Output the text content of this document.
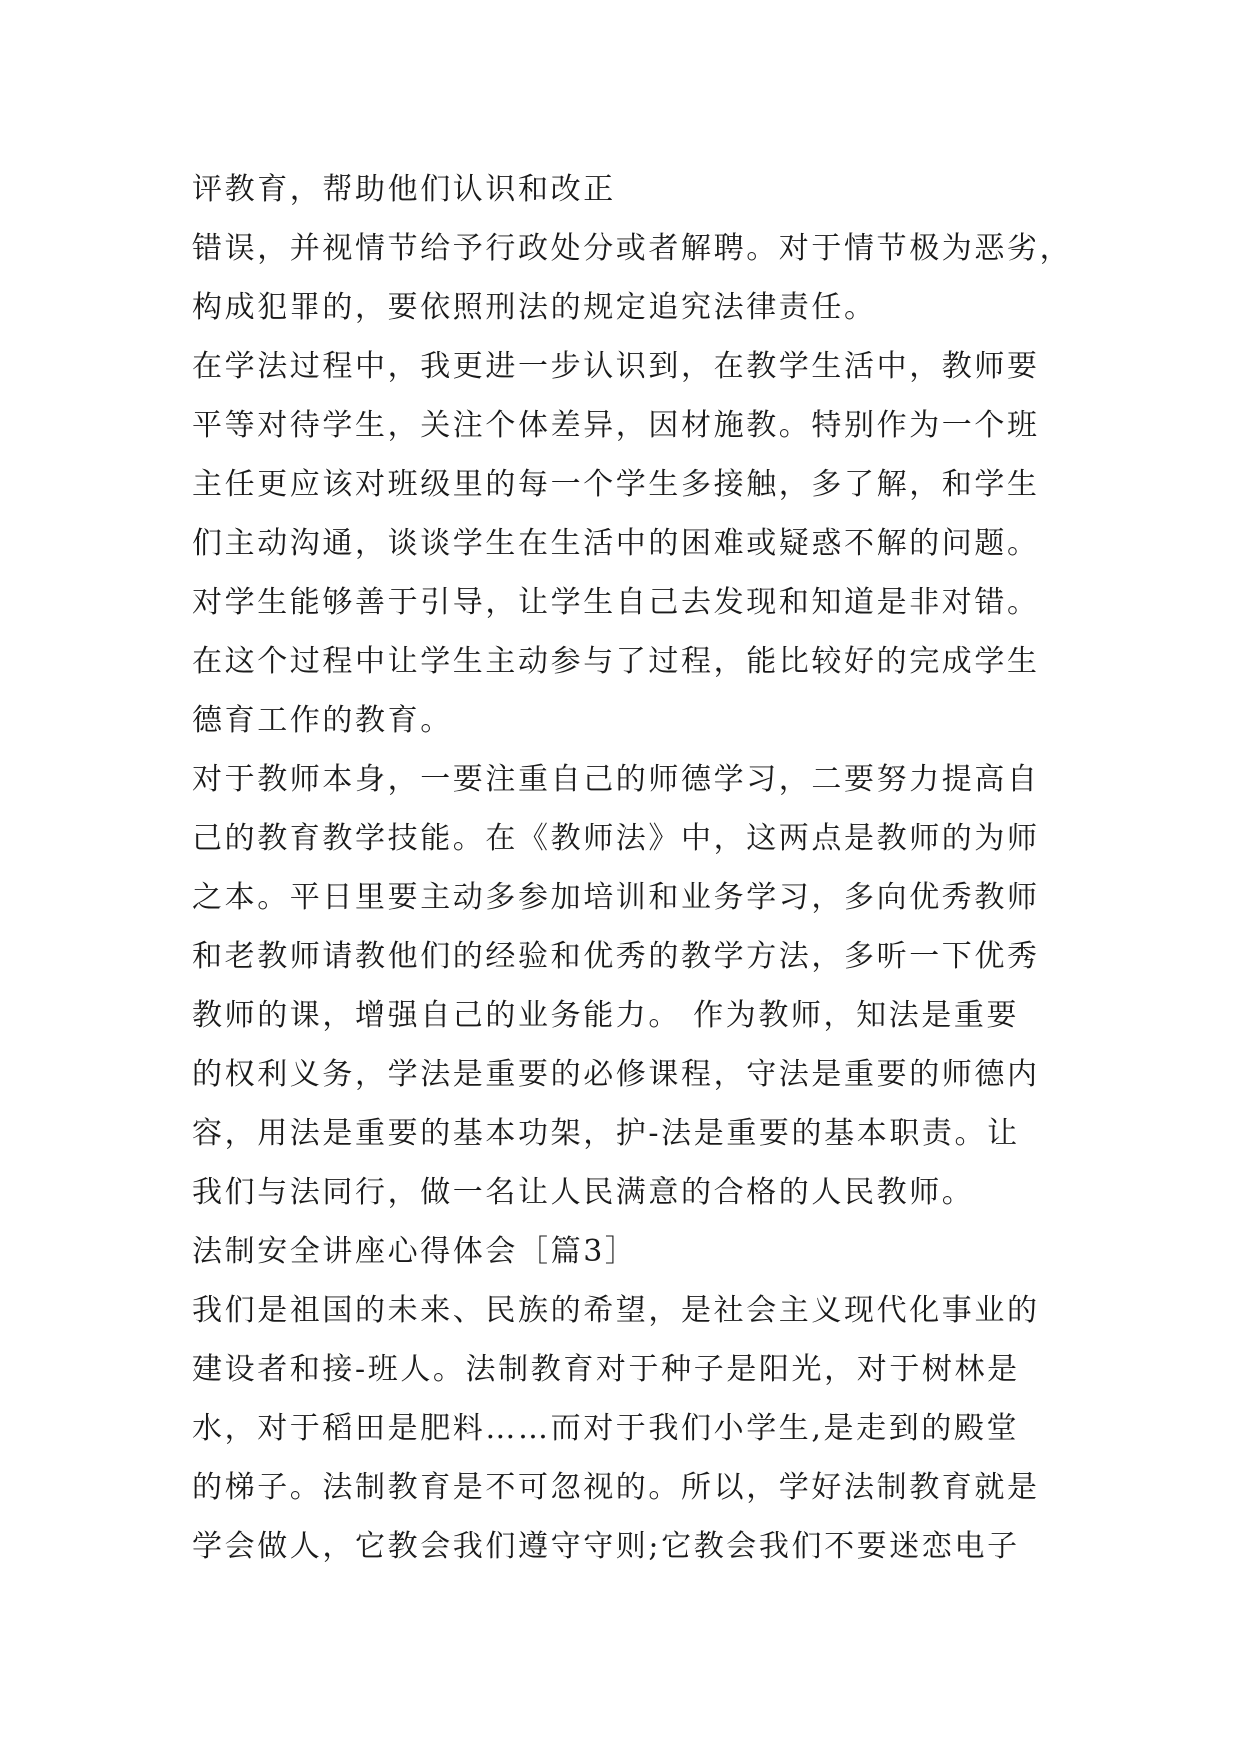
评教育，帮助他们认识和改正
错误，并视情节给予行政处分或者解聘。对于情节极为恶劣，
构成犯罪的，要依照刑法的规定追究法律责任。
在学法过程中，我更进一步认识到，在教学生活中，教师要
平等对待学生，关注个体差异，因材施教。特别作为一个班
主任更应该对班级里的每一个学生多接触，多了解，和学生
们主动沟通，谈谈学生在生活中的困难或疑惑不解的问题。
对学生能够善于引导，让学生自己去发现和知道是非对错。
在这个过程中让学生主动参与了过程，能比较好的完成学生
德育工作的教育。
对于教师本身，一要注重自己的师德学习，二要努力提高自
己的教育教学技能。在《教师法》中，这两点是教师的为师
之本。平日里要主动多参加培训和业务学习，多向优秀教师
和老教师请教他们的经验和优秀的教学方法，多听一下优秀
教师的课，增强自己的业务能力。 作为教师，知法是重要
的权利义务，学法是重要的必修课程，守法是重要的师德内
容，用法是重要的基本功架，护-法是重要的基本职责。让
我们与法同行，做一名让人民满意的合格的人民教师。
法制安全讲座心得体会［篇3］
我们是祖国的未来、民族的希望，是社会主义现代化事业的
建设者和接-班人。法制教育对于种子是阳光，对于树林是
水，对于稻田是肥料……而对于我们小学生,是走到的殿堂
的梯子。法制教育是不可忽视的。所以，学好法制教育就是
学会做人，它教会我们遵守守则;它教会我们不要迷恋电子
